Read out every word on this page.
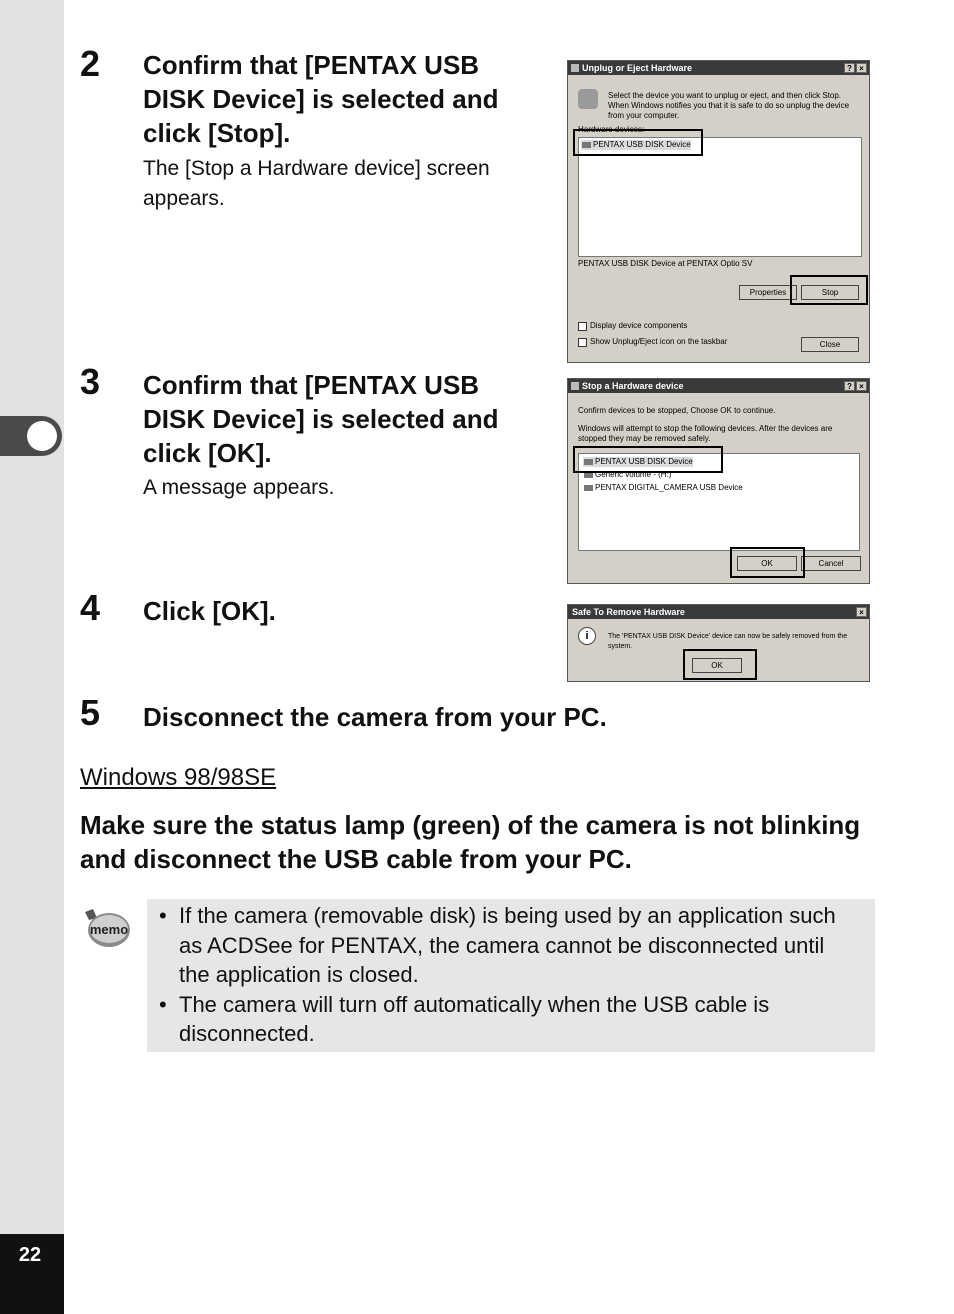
22
2 Confirm that [PENTAX USB DISK Device] is selected and click [Stop].
The [Stop a Hardware device] screen appears.
Unplug or Eject Hardware	? ×
Select the device you want to unplug or eject, and then click Stop. When Windows notifies you that it is safe to do so unplug the device from your computer.
Hardware devices:
PENTAX USB DISK Device
PENTAX USB DISK Device at PENTAX Optio SV
Properties	Stop
Display device components
Show Unplug/Eject icon on the taskbar	Close
3 Confirm that [PENTAX USB DISK Device] is selected and click [OK].
A message appears.
Stop a Hardware device	? ×
Confirm devices to be stopped, Choose OK to continue.
Windows will attempt to stop the following devices. After the devices are stopped they may be removed safely.
PENTAX USB DISK Device
Generic volume - (H:)
PENTAX DIGITAL_CAMERA USB Device
OK	Cancel
4 Click [OK].	Safe To Remove Hardware	×
i	The 'PENTAX USB DISK Device' device can now be safely removed from the system.
OK
5 Disconnect the camera from your PC.
Windows 98/98SE
Make sure the status lamp (green) of the camera is not blinking and disconnect the USB cable from your PC.
memo
• If the camera (removable disk) is being used by an application such as ACDSee for PENTAX, the camera cannot be disconnected until the application is closed.
• The camera will turn off automatically when the USB cable is disconnected.
